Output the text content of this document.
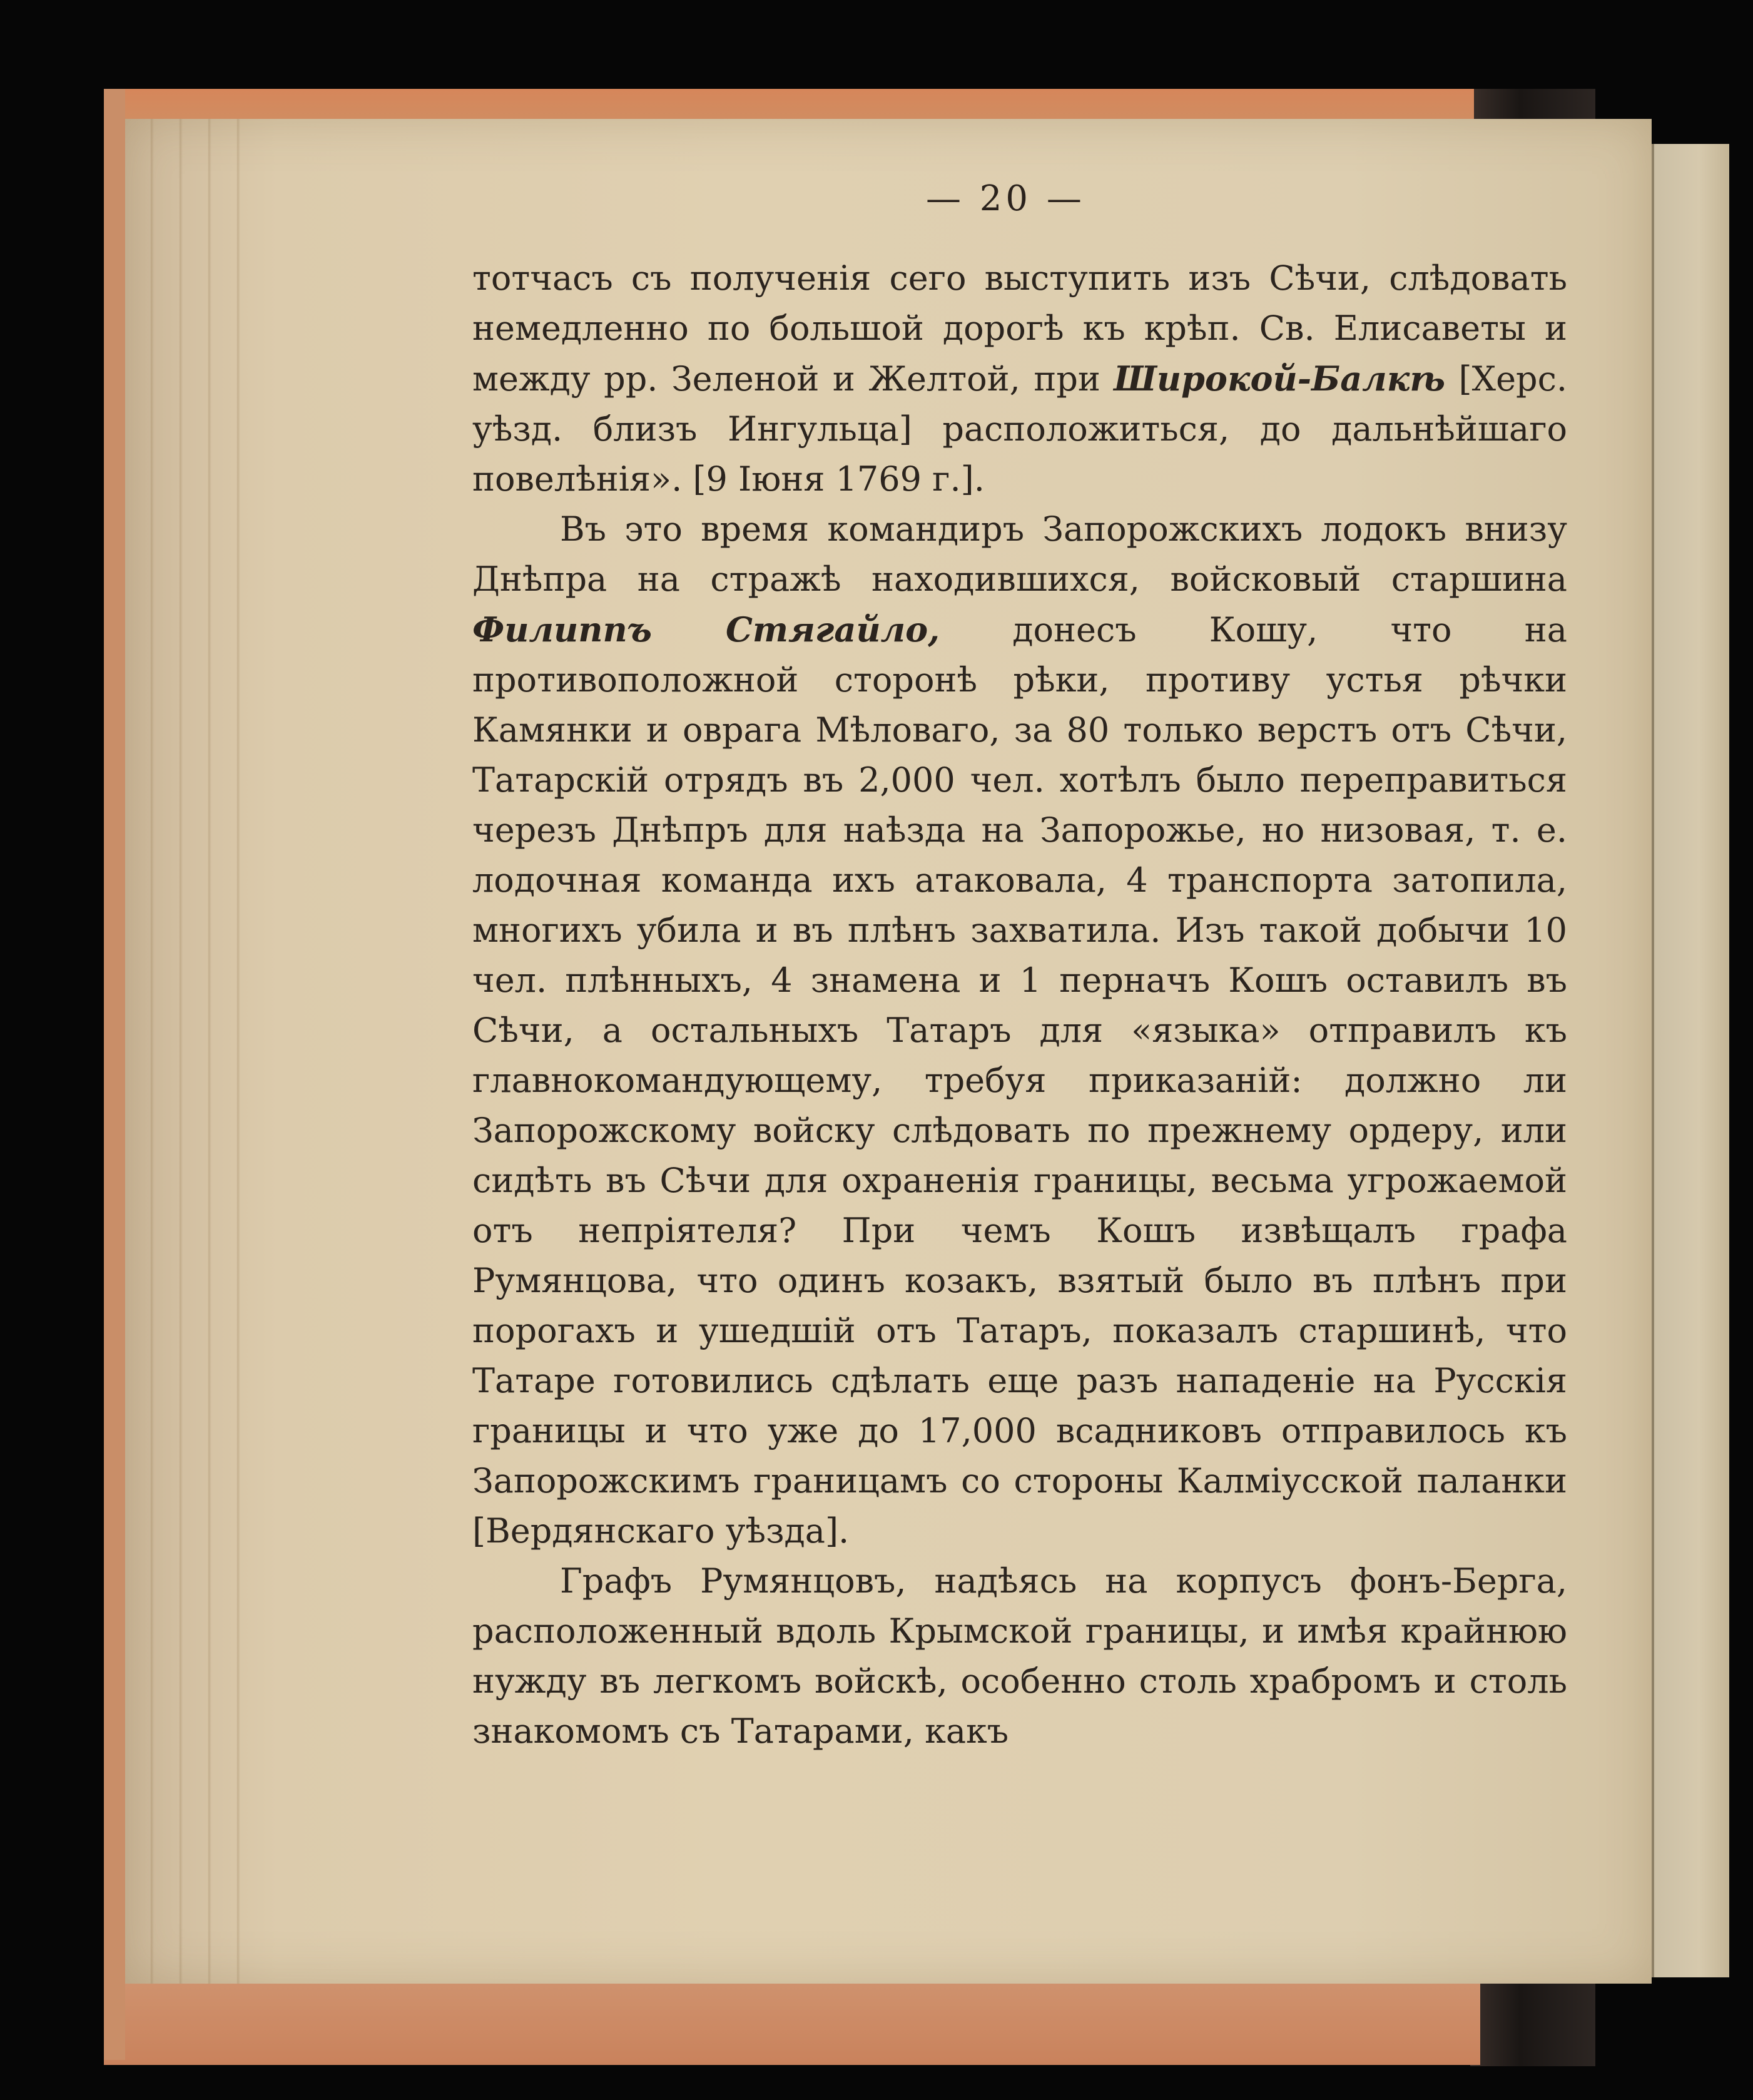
— 20 —

тотчасъ съ полученія сего выступить изъ Сѣчи, слѣдовать немедленно по большой дорогѣ къ крѣп. Св. Елисаветы и между рр. Зеленой и Желтой, при Широкой-Балкѣ [Херс. уѣзд. близъ Ингульца] расположиться, до дальнѣйшаго повелѣнія». [9 Іюня 1769 г.].

Въ это время командиръ Запорожскихъ лодокъ внизу Днѣпра на стражѣ находившихся, войсковый старшина Филиппъ Стягайло, донесъ Кошу, что на противоположной сторонѣ рѣки, противу устья рѣчки Камянки и оврага Мѣловаго, за 80 только верстъ отъ Сѣчи, Татарскій отрядъ въ 2,000 чел. хотѣлъ было переправиться черезъ Днѣпръ для наѣзда на Запорожье, но низовая, т. е. лодочная команда ихъ атаковала, 4 транспорта затопила, многихъ убила и въ плѣнъ захватила. Изъ такой добычи 10 чел. плѣнныхъ, 4 знамена и 1 перначъ Кошъ оставилъ въ Сѣчи, а остальныхъ Татаръ для «языка» отправилъ къ главнокомандующему, требуя приказаній: должно ли Запорожскому войску слѣдовать по прежнему ордеру, или сидѣть въ Сѣчи для охраненія границы, весьма угрожаемой отъ непріятеля? При чемъ Кошъ извѣщалъ графа Румянцова, что одинъ козакъ, взятый было въ плѣнъ при порогахъ и ушедшій отъ Татаръ, показалъ старшинѣ, что Татаре готовились сдѣлать еще разъ нападеніе на Русскія границы и что уже до 17,000 всадниковъ отправилось къ Запорожскимъ границамъ со стороны Калміусской паланки [Вердянскаго уѣзда].

Графъ Румянцовъ, надѣясь на корпусъ фонъ-Берга, расположенный вдоль Крымской границы, и имѣя крайнюю нужду въ легкомъ войскѣ, особенно столь храбромъ и столь знакомомъ съ Татарами, какъ
